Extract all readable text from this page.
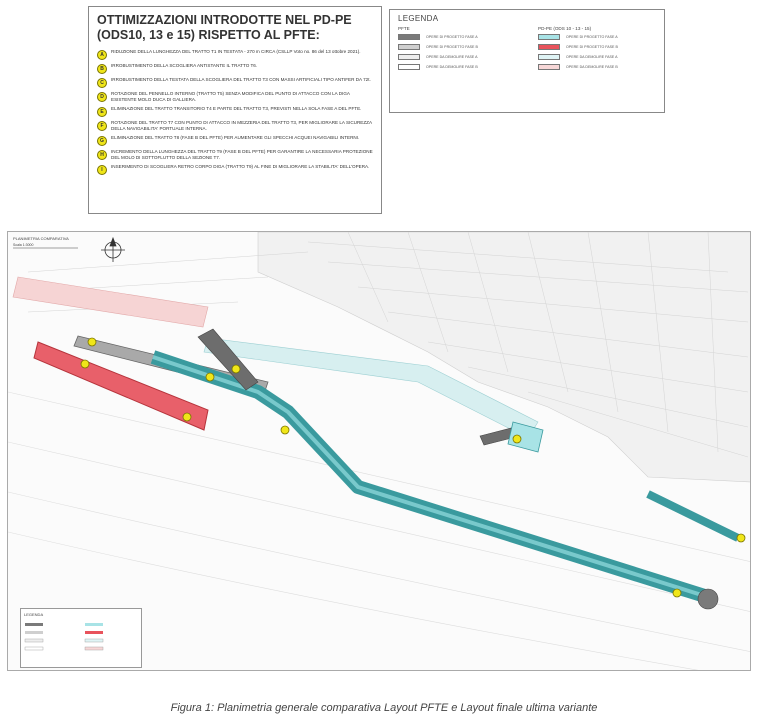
OTTIMIZZAZIONI INTRODOTTE NEL PD-PE (ODS10, 13 e 15) RISPETTO AL PFTE:
A
RIDUZIONE DELLA LUNGHEZZA DEL TRATTO T1 IN TESTATA - 270 m CIRCA (CSLLP Voto no. 86 del 13 ottobre 2021).
B
IRROBUSTIMENTO DELLA SCOGLIERA ANTISTANTE IL TRATTO T6.
C
IRROBUSTIMENTO DELLA TESTATA DELLA SCOGLIERA DEL TRATTO T3 CON MASSI ARTIFICIALI TIPO ANTIFER DA 72t.
D
ROTAZIONE DEL PENNELLO INTERNO (TRATTO T5) SENZA MODIFICA DEL PUNTO DI ATTACCO CON LA DIGA ESISTENTE MOLO DUCA DI GALLIERA.
E
ELIMINAZIONE DEL TRATTO TRANSITORIO T4 E PARTE DEL TRATTO T3, PREVISTI NELLA SOLA FASE A DEL PFTE.
F
ROTAZIONE DEL TRATTO T7 CON PUNTO DI ATTACCO IN MEZZERIA DEL TRATTO T3, PER MIGLIORARE LA SICUREZZA DELLA NAVIGABILITA' PORTUALE INTERNA.
G
ELIMINAZIONE DEL TRATTO T8 (FASE B DEL PFTE) PER AUMENTARE GLI SPECCHI ACQUEI NAVIGABILI INTERNI.
H
INCREMENTO DELLA LUNGHEZZA DEL TRATTO T9 (FASE B DEL PFTE) PER GARANTIRE LA NECESSARIA PROTEZIONE DEL MOLO DI SOTTOFLUTTO DELLA SEZIONE T7.
I
INSERIMENTO DI SCOGLIERA RETRO CORPO DIGA (TRATTO T9) AL FINE DI MIGLIORARE LA STABILITA' DELL'OPERA.
LEGENDA
PFTE
OPERE DI PROGETTO FASE A
OPERE DI PROGETTO FASE B
OPERE DA DEMOLIRE FASE A
OPERE DA DEMOLIRE FASE B
PD-PE (ODS 10 - 13 - 15)
OPERE DI PROGETTO FASE A
OPERE DI PROGETTO FASE B
OPERE DA DEMOLIRE FASE A
OPERE DA DEMOLIRE FASE B
PLANIMETRIA COMPARATIVA
Scala 1:3000
LEGENDA
Figura 1: Planimetria generale comparativa Layout PFTE e Layout finale ultima variante
